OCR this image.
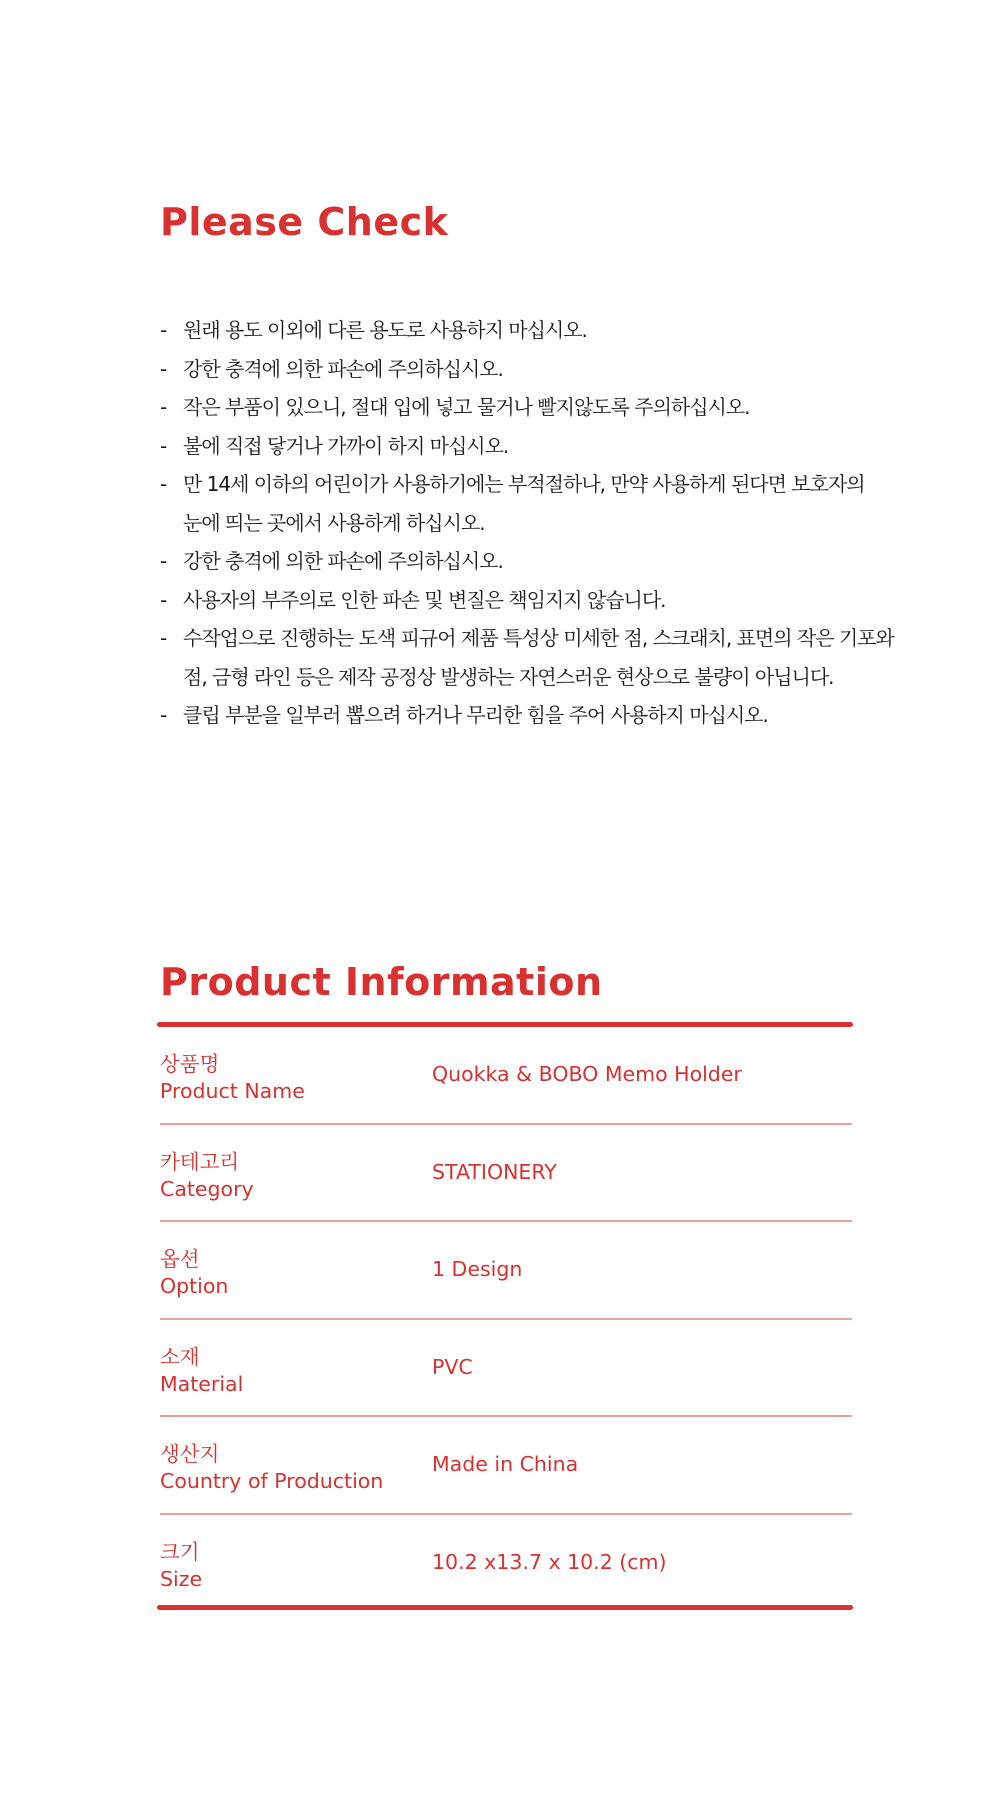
Please Check
- 원래 용도 이외에 다른 용도로 사용하지 마십시오.
- 강한 충격에 의한 파손에 주의하십시오.
- 작은 부품이 있으니, 절대 입에 넣고 물거나 빨지않도록 주의하십시오.
- 불에 직접 닿거나 가까이 하지 마십시오.
- 만 14세 이하의 어린이가 사용하기에는 부적절하나, 만약 사용하게 된다면 보호자의
눈에 띄는 곳에서 사용하게 하십시오.
- 강한 충격에 의한 파손에 주의하십시오.
- 사용자의 부주의로 인한 파손 및 변질은 책임지지 않습니다.
- 수작업으로 진행하는 도색 피규어 제품 특성상 미세한 점, 스크래치, 표면의 작은 기포와
점, 금형 라인 등은 제작 공정상 발생하는 자연스러운 현상으로 불량이 아닙니다.
- 클립 부분을 일부러 뽑으려 하거나 무리한 힘을 주어 사용하지 마십시오.
Product Information
상품명
Product Name
Quokka & BOBO Memo Holder
카테고리
Category
STATIONERY
옵션
Option
1 Design
소재
Material
PVC
생산지
Country of Production
Made in China
크기
Size
10.2 x13.7 x 10.2 (cm)
